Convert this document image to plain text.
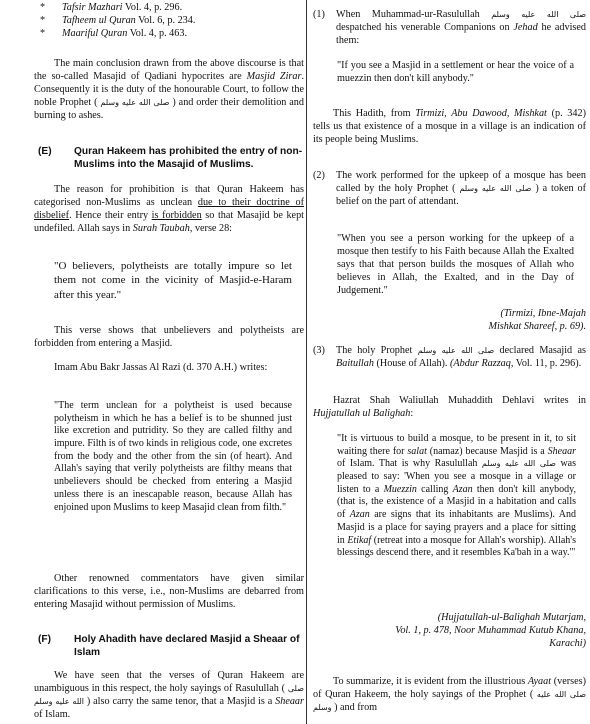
* Tafsir Mazhari Vol. 4, p. 296.
* Tafheem ul Quran Vol. 6, p. 234.
* Maariful Quran Vol. 4, p. 463.

The main conclusion drawn from the above discourse is that the so-called Masajid of Qadiani hypocrites are Masjid Zirar. Consequently it is the duty of the honourable Court, to follow the noble Prophet ( صلى الله عليه وسلم ) and order their demolition and burning to ashes.

(E) Quran Hakeem has prohibited the entry of non-Muslims into the Masajid of Muslims.

The reason for prohibition is that Quran Hakeem has categorised non-Muslims as unclean due to their doctrine of disbelief. Hence their entry is forbidden so that Masajid be kept undefiled. Allah says in Surah Taubah, verse 28:

"O believers, polytheists are totally impure so let them not come in the vicinity of Masjid-e-Haram after this year."

This verse shows that unbelievers and polytheists are forbidden from entering a Masjid.

Imam Abu Bakr Jassas Al Razi (d. 370 A.H.) writes:

"The term unclean for a polytheist is used because polytheism in which he has a belief is to be shunned just like excretion and putridity. So they are called filthy and impure. Filth is of two kinds in religious code, one excretes from the body and the other from the sin (of heart). And Allah's saying that verily polytheists are filthy means that unbelievers should be checked from entering a Masjid unless there is an inescapable reason, because Allah has enjoined upon Muslims to keep Masajid clean from filth."

Other renowned commentators have given similar clarifications to this verse, i.e., non-Muslims are debarred from entering Masajid without permission of Muslims.

(F) Holy Ahadith have declared Masjid a Sheaar of Islam

We have seen that the verses of Quran Hakeem are unambiguous in this respect, the holy sayings of Rasulullah ( صلى الله عليه وسلم ) also carry the same tenor, that a Masjid is a Sheaar of Islam.

(1) When Muhammad-ur-Rasulullah صلى الله عليه وسلم despatched his venerable Companions on Jehad he advised them:

"If you see a Masjid in a settlement or hear the voice of a muezzin then don't kill anybody."

This Hadith, from Tirmizi, Abu Dawood, Mishkat (p. 342) tells us that existence of a mosque in a village is an indication of its people being Muslims.

(2) The work performed for the upkeep of a mosque has been called by the holy Prophet ( صلى الله عليه وسلم ) a token of belief on the part of attendant.

"When you see a person working for the upkeep of a mosque then testify to his Faith because Allah the Exalted says that that person builds the mosques of Allah who believes in Allah, the Exalted, and in the Day of Judgement."

(Tirmizi, Ibne-Majah
Mishkat Shareef, p. 69).
(3) The holy Prophet صلى الله عليه وسلم declared Masajid as Baitullah (House of Allah). (Abdur Razzaq, Vol. 11, p. 296).

Hazrat Shah Waliullah Muhaddith Dehlavi writes in Hujjatullah ul Balighah:

"It is virtuous to build a mosque, to be present in it, to sit waiting there for salat (namaz) because Masjid is a Sheaar of Islam. That is why Rasulullah صلى الله عليه وسلم was pleased to say: 'When you see a mosque in a village or listen to a Muezzin calling Azan then don't kill anybody, (that is, the existence of a Masjid in a habitation and calls of Azan are signs that its inhabitants are Muslims). And Masjid is a place for saying prayers and a place for sitting in Etikaf (retreat into a mosque for Allah's worship). Allah's blessings descend there, and it resembles Ka'bah in a way.'"

(Hujjatullah-ul-Balighah Mutarjam,
Vol. 1, p. 478, Noor Muhammad Kutub Khana,
Karachi)

To summarize, it is evident from the illustrious Ayaat (verses) of Quran Hakeem, the holy sayings of the Prophet ( صلى الله عليه وسلم ) and from
